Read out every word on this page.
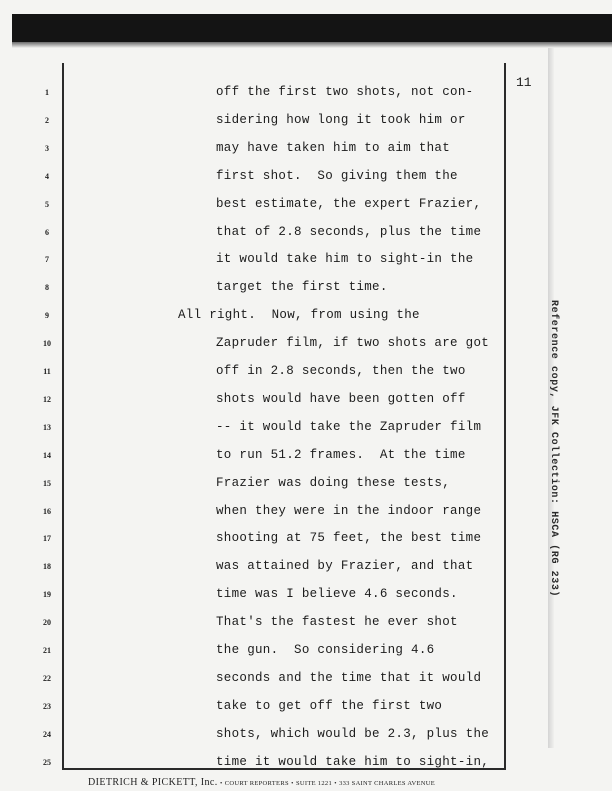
11
1	off the first two shots, not con-
2	sidering how long it took him or
3	may have taken him to aim that
4	first shot.  So giving them the
5	best estimate, the expert Frazier,
6	that of 2.8 seconds, plus the time
7	it would take him to sight-in the
8	target the first time.
9	All right.  Now, from using the
10	Zapruder film, if two shots are got
11	off in 2.8 seconds, then the two
12	shots would have been gotten off
13	-- it would take the Zapruder film
14	to run 51.2 frames.  At the time
15	Frazier was doing these tests,
16	when they were in the indoor range
17	shooting at 75 feet, the best time
18	was attained by Frazier, and that
19	time was I believe 4.6 seconds.
20	That's the fastest he ever shot
21	the gun.  So considering 4.6
22	seconds and the time that it would
23	take to get off the first two
24	shots, which would be 2.3, plus the
25	time it would take him to sight-in,
Reference copy, JFK Collection: HSCA (RG 233)
DIETRICH & PICKETT, Inc. • COURT REPORTERS • SUITE 1221 • 333 SAINT CHARLES AVENUE
